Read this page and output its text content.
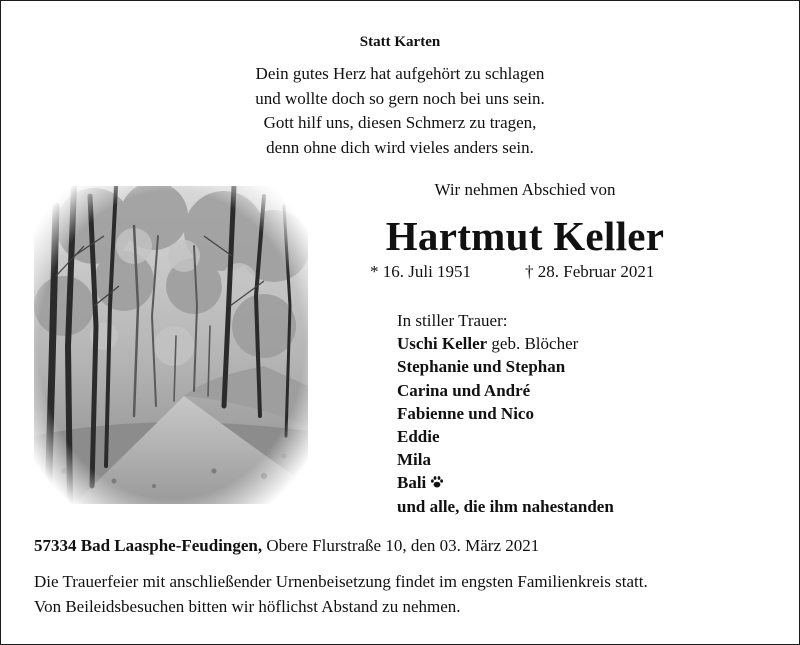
Statt Karten
Dein gutes Herz hat aufgehört zu schlagen
und wollte doch so gern noch bei uns sein.
Gott hilf uns, diesen Schmerz zu tragen,
denn ohne dich wird vieles anders sein.
Wir nehmen Abschied von
Hartmut Keller
* 16. Juli 1951	† 28. Februar 2021
In stiller Trauer:
Uschi Keller geb. Blöcher
Stephanie und Stephan
Carina und André
Fabienne und Nico
Eddie
Mila
Bali
und alle, die ihm nahestanden
57334 Bad Laasphe-Feudingen, Obere Flurstraße 10, den 03. März 2021
Die Trauerfeier mit anschließender Urnenbeisetzung findet im engsten Familienkreis statt.
Von Beileidsbesuchen bitten wir höflichst Abstand zu nehmen.
